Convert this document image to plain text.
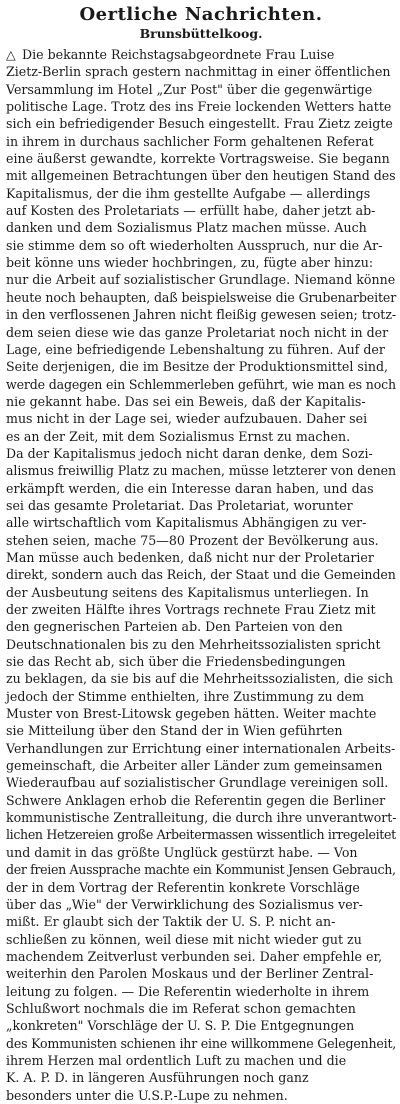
Oertliche Nachrichten.
Brunsbüttelkoog.
△  Die bekannte Reichstagsabgeordnete Frau Luise
Zietz-Berlin sprach gestern nachmittag in einer öffentlichen
Versammlung im Hotel „Zur Post" über die gegenwärtige
politische Lage. Trotz des ins Freie lockenden Wetters hatte
sich ein befriedigender Besuch eingestellt. Frau Zietz zeigte
in ihrem in durchaus sachlicher Form gehaltenen Referat
eine äußerst gewandte, korrekte Vortragsweise. Sie begann
mit allgemeinen Betrachtungen über den heutigen Stand des
Kapitalismus, der die ihm gestellte Aufgabe — allerdings
auf Kosten des Proletariats — erfüllt habe, daher jetzt ab-
danken und dem Sozialismus Platz machen müsse. Auch
sie stimme dem so oft wiederholten Ausspruch, nur die Ar-
beit könne uns wieder hochbringen, zu, fügte aber hinzu:
nur die Arbeit auf sozialistischer Grundlage. Niemand könne
heute noch behaupten, daß beispielsweise die Grubenarbeiter
in den verflossenen Jahren nicht fleißig gewesen seien; trotz-
dem seien diese wie das ganze Proletariat noch nicht in der
Lage, eine befriedigende Lebenshaltung zu führen. Auf der
Seite derjenigen, die im Besitze der Produktionsmittel sind,
werde dagegen ein Schlemmerleben geführt, wie man es noch
nie gekannt habe. Das sei ein Beweis, daß der Kapitalis-
mus nicht in der Lage sei, wieder aufzubauen. Daher sei
es an der Zeit, mit dem Sozialismus Ernst zu machen.
Da der Kapitalismus jedoch nicht daran denke, dem Sozi-
alismus freiwillig Platz zu machen, müsse letzterer von denen
erkämpft werden, die ein Interesse daran haben, und das
sei das gesamte Proletariat. Das Proletariat, worunter
alle wirtschaftlich vom Kapitalismus Abhängigen zu ver-
stehen seien, mache 75—80 Prozent der Bevölkerung aus.
Man müsse auch bedenken, daß nicht nur der Proletarier
direkt, sondern auch das Reich, der Staat und die Gemeinden
der Ausbeutung seitens des Kapitalismus unterliegen. In
der zweiten Hälfte ihres Vortrags rechnete Frau Zietz mit
den gegnerischen Parteien ab. Den Parteien von den
Deutschnationalen bis zu den Mehrheitssozialisten spricht
sie das Recht ab, sich über die Friedensbedingungen
zu beklagen, da sie bis auf die Mehrheitssozialisten, die sich
jedoch der Stimme enthielten, ihre Zustimmung zu dem
Muster von Brest-Litowsk gegeben hätten. Weiter machte
sie Mitteilung über den Stand der in Wien geführten
Verhandlungen zur Errichtung einer internationalen Arbeits-
gemeinschaft, die Arbeiter aller Länder zum gemeinsamen
Wiederaufbau auf sozialistischer Grundlage vereinigen soll.
Schwere Anklagen erhob die Referentin gegen die Berliner
kommunistische Zentralleitung, die durch ihre unverantwort-
lichen Hetzereien große Arbeitermassen wissentlich irregeleitet
und damit in das größte Unglück gestürzt habe. — Von
der freien Aussprache machte ein Kommunist Jensen Gebrauch,
der in dem Vortrag der Referentin konkrete Vorschläge
über das „Wie" der Verwirklichung des Sozialismus ver-
mißt. Er glaubt sich der Taktik der U. S. P. nicht an-
schließen zu können, weil diese mit nicht wieder gut zu
machendem Zeitverlust verbunden sei. Daher empfehle er,
weiterhin den Parolen Moskaus und der Berliner Zentral-
leitung zu folgen. — Die Referentin wiederholte in ihrem
Schlußwort nochmals die im Referat schon gemachten
„konkreten" Vorschläge der U. S. P. Die Entgegnungen
des Kommunisten schienen ihr eine willkommene Gelegenheit,
ihrem Herzen mal ordentlich Luft zu machen und die
K. A. P. D. in längeren Ausführungen noch ganz
besonders unter die U.S.P.-Lupe zu nehmen.
